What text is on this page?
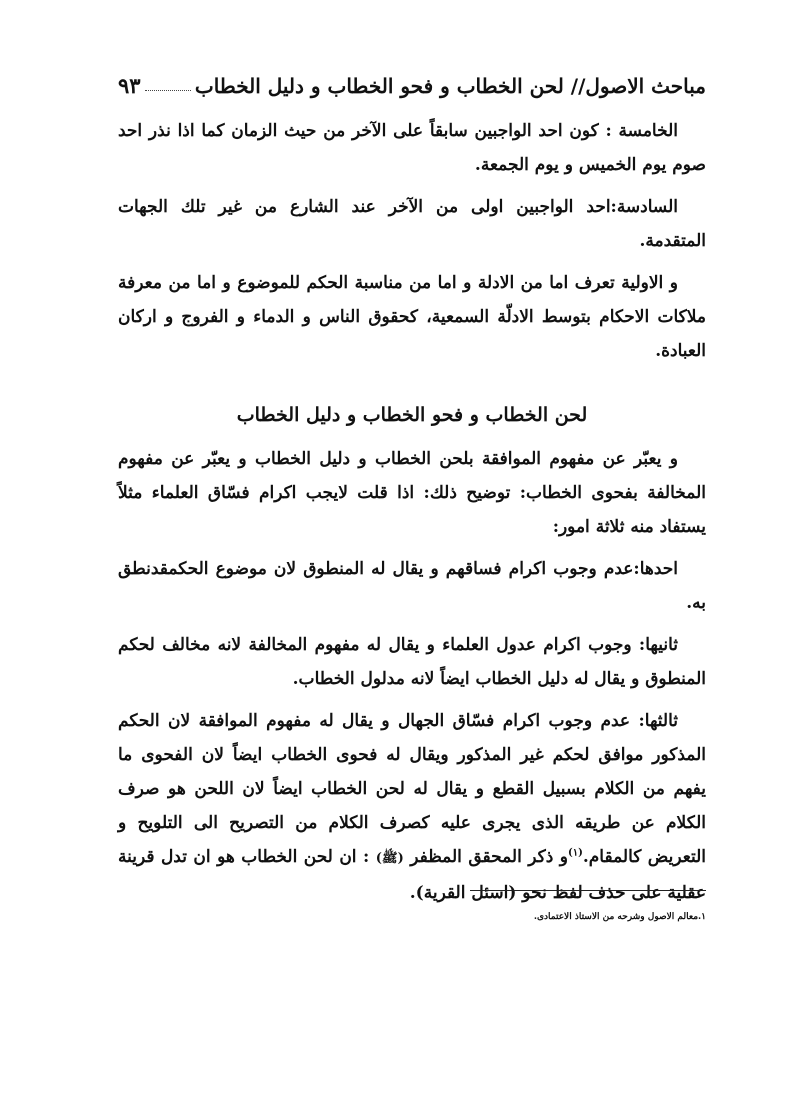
مباحث الاصول// لحن الخطاب و فحو الخطاب و دليل الخطاب
٩٣

الخامسة : كون احد الواجبين سابقاً على الآخر من حيث الزمان كما اذا نذر احد صوم يوم الخميس و يوم الجمعة.

السادسة:احد الواجبين اولى من الآخر عند الشارع من غير تلك الجهات المتقدمة.

و الاولية تعرف اما من الادلة و اما من مناسبة الحكم للموضوع و اما من معرفة ملاكات الاحكام بتوسط الادلّة السمعية، كحقوق الناس و الدماء و الفروج و اركان العبادة.

لحن الخطاب و فحو الخطاب و دليل الخطاب

و يعبّر عن مفهوم الموافقة بلحن الخطاب و دليل الخطاب و يعبّر عن مفهوم المخالفة بفحوى الخطاب: توضيح ذلك: اذا قلت لايجب اكرام فسّاق العلماء مثلاً يستفاد منه ثلاثة امور:

احدها:عدم وجوب اكرام فساقهم و يقال له المنطوق لان موضوع الحكمقدنطق به.

ثانيها: وجوب اكرام عدول العلماء و يقال له مفهوم المخالفة لانه مخالف لحكم المنطوق و يقال له دليل الخطاب ايضاً لانه مدلول الخطاب.

ثالثها: عدم وجوب اكرام فسّاق الجهال و يقال له مفهوم الموافقة لان الحكم المذكور موافق لحكم غير المذكور ويقال له فحوى الخطاب ايضاً لان الفحوى ما يفهم من الكلام بسبيل القطع و يقال له لحن الخطاب ايضاً لان اللحن هو صرف الكلام عن طريقه الذى يجرى عليه كصرف الكلام من التصريح الى التلويح و التعريض كالمقام.$^{(١)}$و ذكر المحقق المظفر (ﷺ) : ان لحن الخطاب هو ان تدل قرينة عقلية على حذف لفظ نحو (اسئل القرية).

١.معالم الاصول وشرحه من الاستاذ الاعتمادى.
